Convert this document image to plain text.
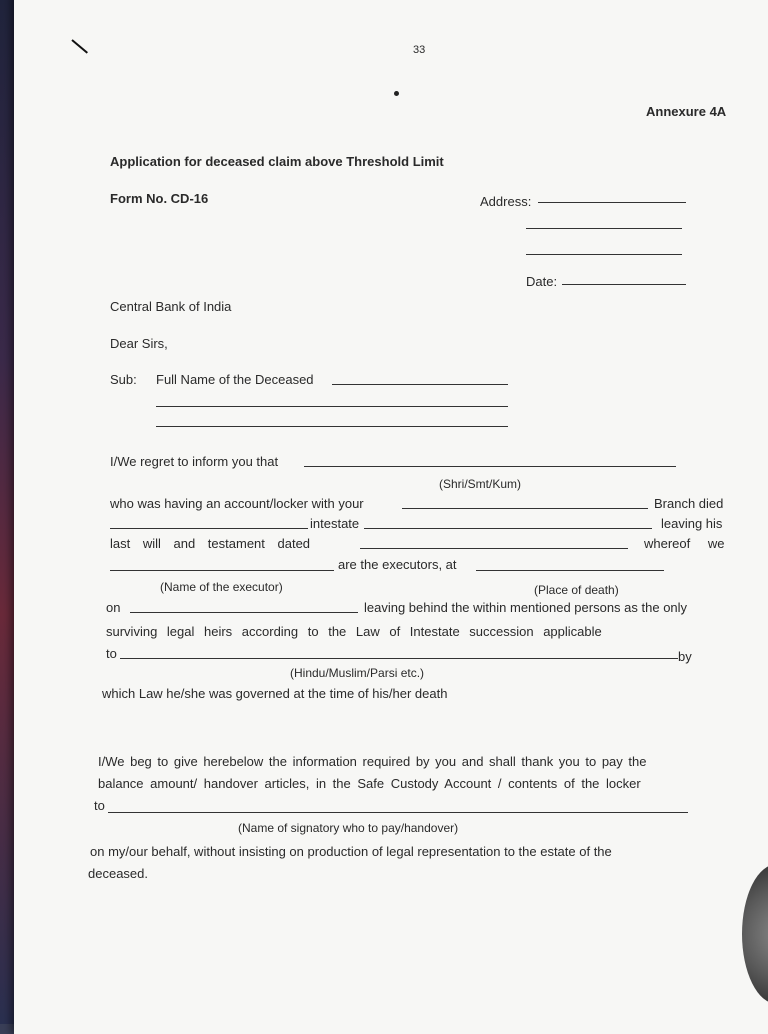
33
Annexure 4A
Application for deceased claim above Threshold Limit
Form No. CD-16	Address:
Date:
Central Bank of India
Dear Sirs,
Sub: Full Name of the Deceased
I/We regret to inform you that
(Shri/Smt/Kum)
who was having an account/locker with your	Branch died
intestate	leaving his
last will and testament dated	whereof we
are the executors, at
(Name of the executor)	(Place of death)
on	leaving behind the within mentioned persons as the only
surviving legal heirs according to the Law of Intestate succession applicable
to	by
(Hindu/Muslim/Parsi etc.)
which Law he/she was governed at the time of his/her death
I/We beg to give herebelow the information required by you and shall thank you to pay the
balance amount/ handover articles, in the Safe Custody Account / contents of the locker
to
(Name of signatory who to pay/handover)
on my/our behalf, without insisting on production of legal representation to the estate of the
deceased.
